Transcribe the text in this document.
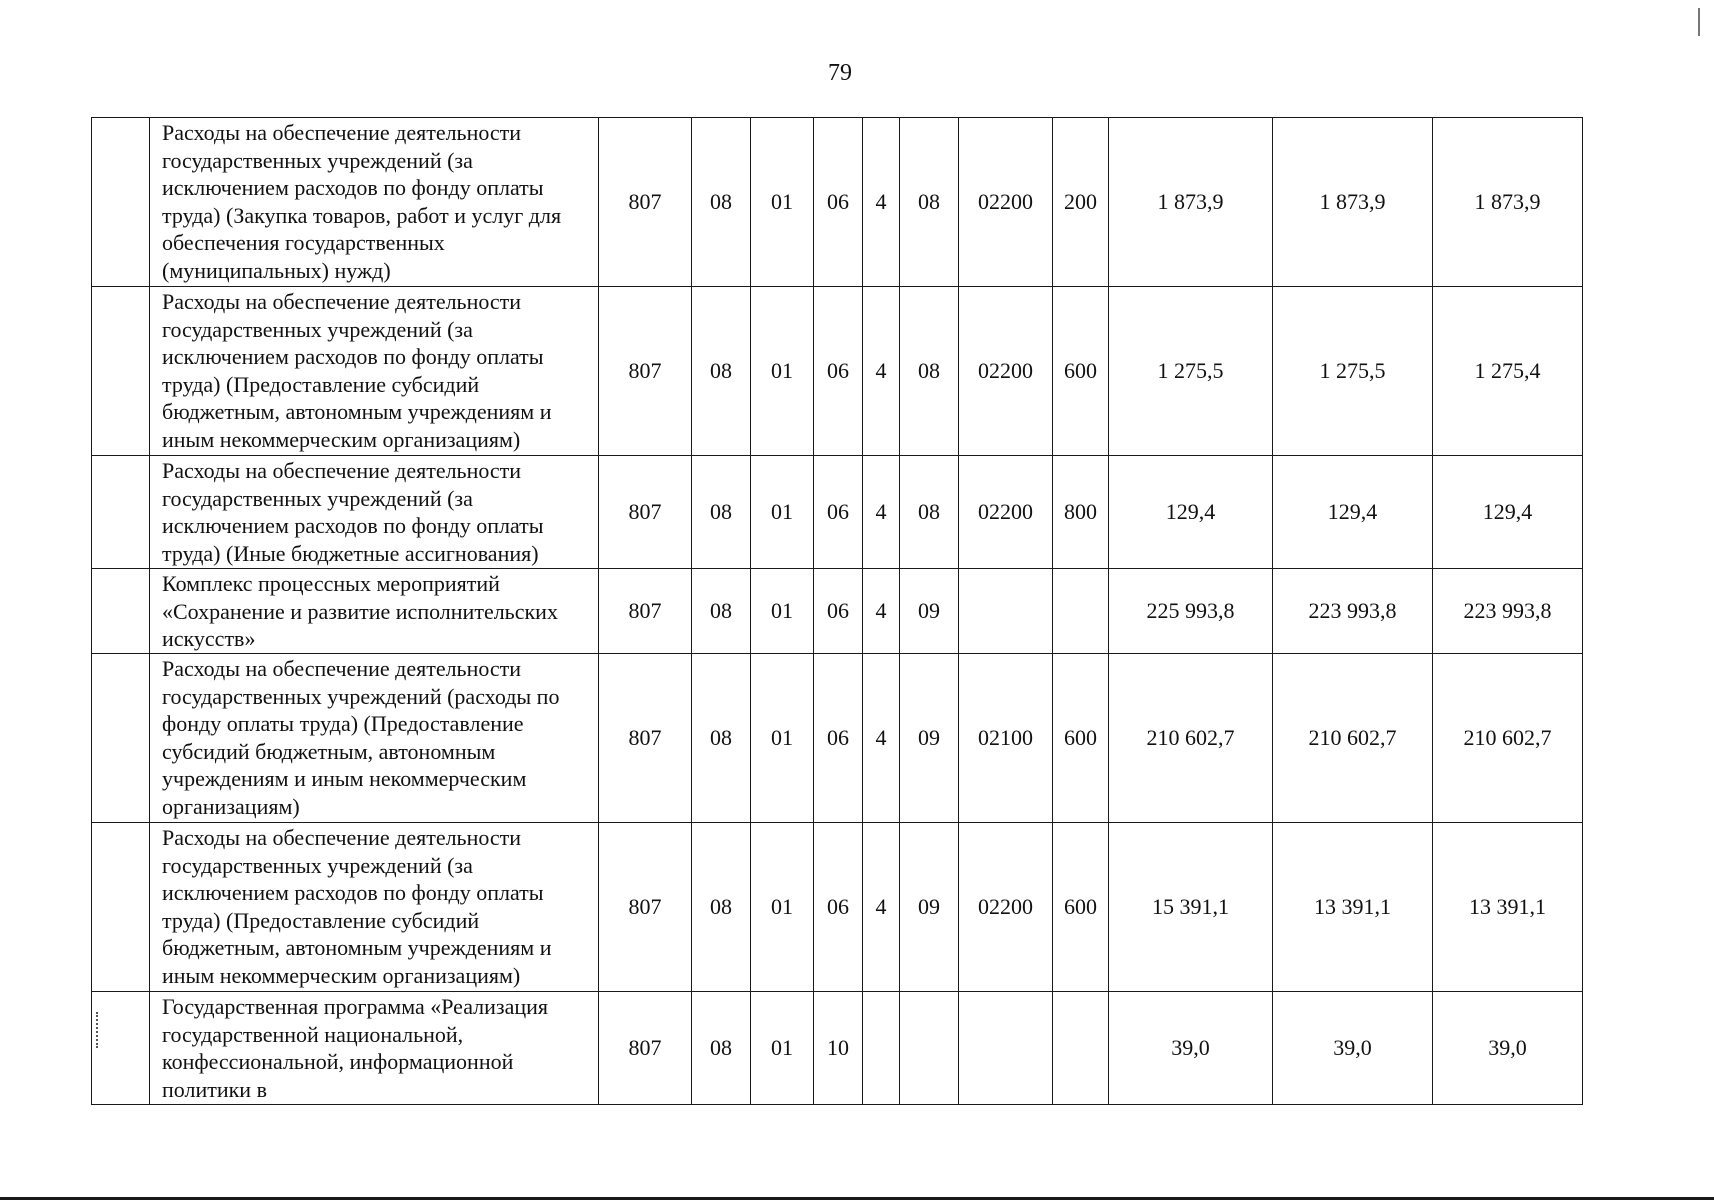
79
	Расходы на обеспечение деятельности государственных учреждений (за исключением расходов по фонду оплаты труда) (Закупка товаров, работ и услуг для обеспечения государственных (муниципальных) нужд)	807	08	01	06	4	08	02200	200	1 873,9	1 873,9	1 873,9
	Расходы на обеспечение деятельности государственных учреждений (за исключением расходов по фонду оплаты труда) (Предоставление субсидий бюджетным, автономным учреждениям и иным некоммерческим организациям)	807	08	01	06	4	08	02200	600	1 275,5	1 275,5	1 275,4
	Расходы на обеспечение деятельности государственных учреждений (за исключением расходов по фонду оплаты труда) (Иные бюджетные ассигнования)	807	08	01	06	4	08	02200	800	129,4	129,4	129,4
	Комплекс процессных мероприятий «Сохранение и развитие исполнительских искусств»	807	08	01	06	4	09			225 993,8	223 993,8	223 993,8
	Расходы на обеспечение деятельности государственных учреждений (расходы по фонду оплаты труда) (Предоставление субсидий бюджетным, автономным учреждениям и иным некоммерческим организациям)	807	08	01	06	4	09	02100	600	210 602,7	210 602,7	210 602,7
	Расходы на обеспечение деятельности государственных учреждений (за исключением расходов по фонду оплаты труда) (Предоставление субсидий бюджетным, автономным учреждениям и иным некоммерческим организациям)	807	08	01	06	4	09	02200	600	15 391,1	13 391,1	13 391,1
	Государственная программа «Реализация государственной национальной, конфессиональной, информационной политики в	807	08	01	10					39,0	39,0	39,0
